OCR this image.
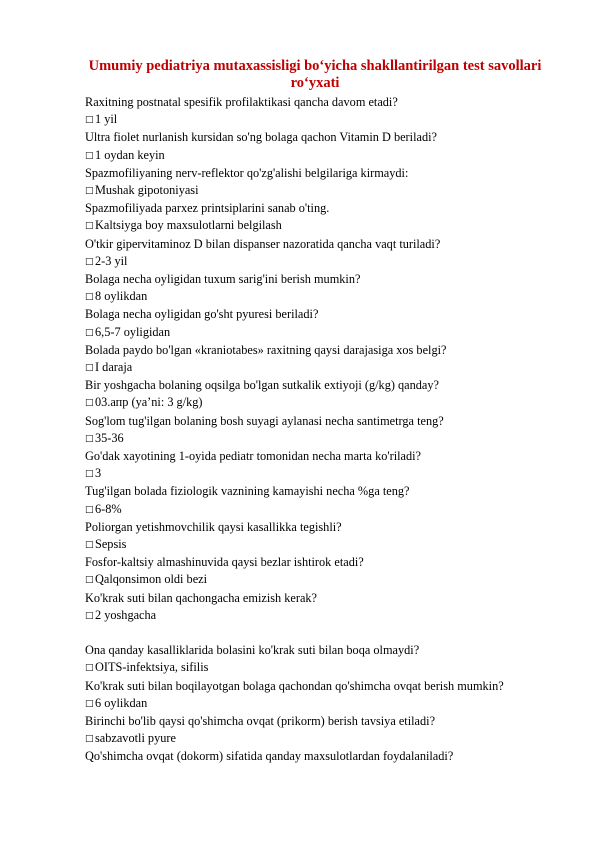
Umumiy pediatriya mutaxassisligi bo‘yicha shakllantirilgan test savollari ro‘yxati
Raxitning postnatal spesifik profilaktikasi qancha davom etadi?
□1 yil
Ultra fiolet nurlanish kursidan so'ng bolaga qachon Vitamin D beriladi?
□1 oydan keyin
Spazmofiliyaning nerv-reflektor qo'zg'alishi belgilariga kirmaydi:
□Mushak gipotoniyasi
Spazmofiliyada parxez printsiplarini sanab o'ting.
□Kaltsiyga boy maxsulotlarni belgilash
O'tkir gipervitaminoz D bilan dispanser nazoratida qancha vaqt turiladi?
□2-3 yil
Bolaga necha oyligidan tuxum sarig'ini berish mumkin?
□8 oylikdan
Bolaga necha oyligidan go'sht pyuresi beriladi?
□6,5-7 oyligidan
Bolada paydo bo'lgan «kraniotabes» raxitning qaysi darajasiga xos belgi?
□I daraja
Bir yoshgacha bolaning oqsilga bo'lgan sutkalik extiyoji (g/kg) qanday?
□03.апр (ya’ni: 3 g/kg)
Sog'lom tug'ilgan bolaning bosh suyagi aylanasi necha santimetrga teng?
□35-36
Go'dak xayotining 1-oyida pediatr tomonidan necha marta ko'riladi?
□3
Tug'ilgan bolada fiziologik vaznining kamayishi necha %ga teng?
□6-8%
Poliorgan yetishmovchilik qaysi kasallikka tegishli?
□Sepsis
Fosfor-kaltsiy almashinuvida qaysi bezlar ishtirok etadi?
□Qalqonsimon oldi bezi
Ko'krak suti bilan qachongacha emizish kerak?
□2 yoshgacha
Ona qanday kasalliklarida bolasini ko'krak suti bilan boqa olmaydi?
□OITS-infektsiya, sifilis
Ko'krak suti bilan boqilayotgan bolaga qachondan qo'shimcha ovqat berish mumkin?
□6 oylikdan
Birinchi bo'lib qaysi qo'shimcha ovqat (prikorm) berish tavsiya etiladi?
□sabzavotli pyure
Qo'shimcha ovqat (dokorm) sifatida qanday maxsulotlardan foydalaniladi?
